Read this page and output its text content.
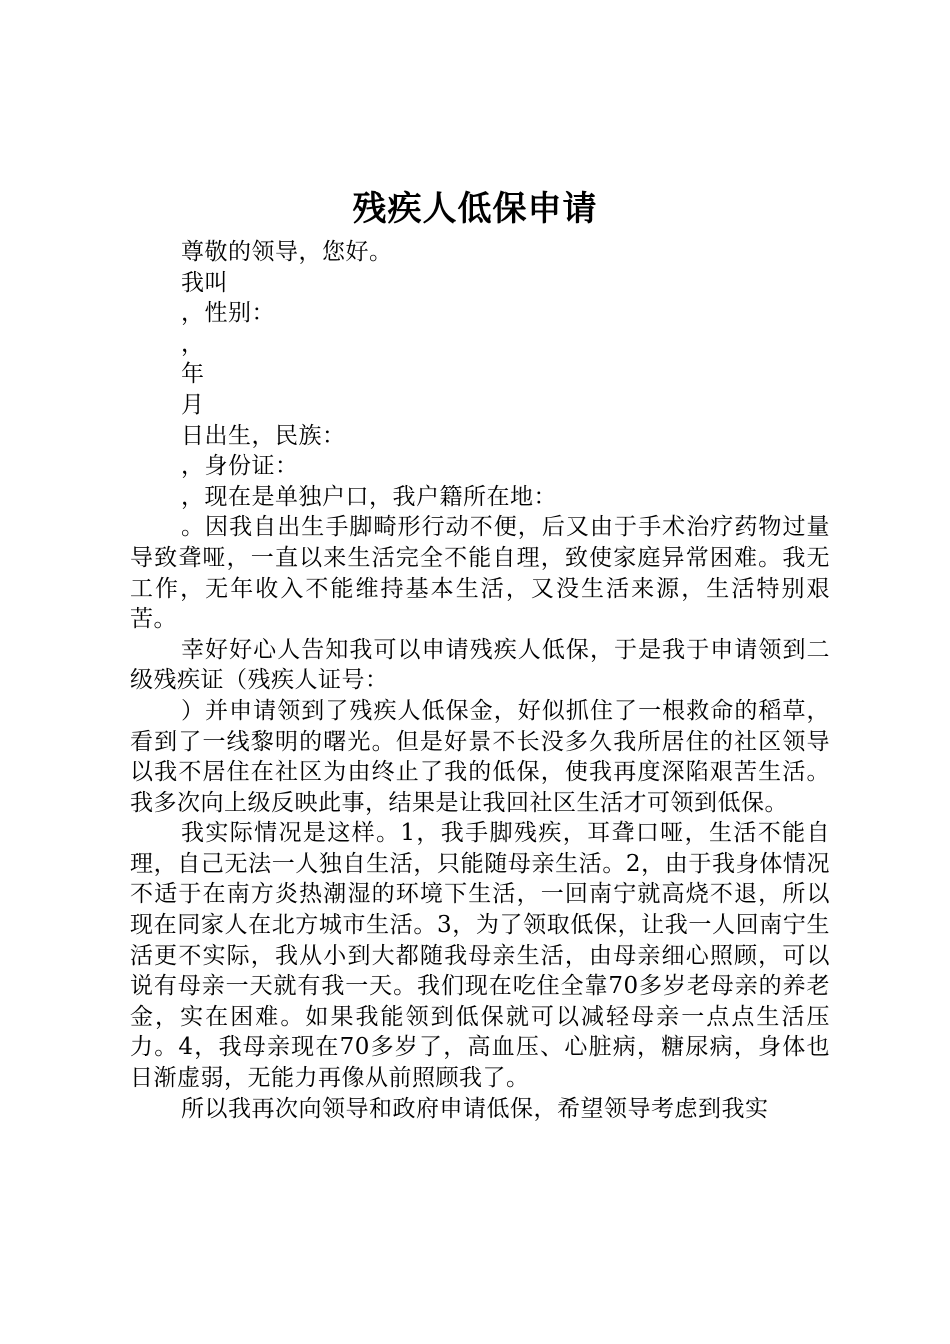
残疾人低保申请

尊敬的领导，您好。

我叫

，性别：

，

年

月

日出生，民族：

，身份证：

，现在是单独户口，我户籍所在地：

。因我自出生手脚畸形行动不便，后又由于手术治疗药物过量导致聋哑，一直以来生活完全不能自理，致使家庭异常困难。我无工作，无年收入不能维持基本生活，又没生活来源，生活特别艰苦。

幸好好心人告知我可以申请残疾人低保，于是我于申请领到二级残疾证（残疾人证号：

）并申请领到了残疾人低保金，好似抓住了一根救命的稻草，看到了一线黎明的曙光。但是好景不长没多久我所居住的社区领导以我不居住在社区为由终止了我的低保，使我再度深陷艰苦生活。我多次向上级反映此事，结果是让我回社区生活才可领到低保。

我实际情况是这样。1，我手脚残疾，耳聋口哑，生活不能自理，自己无法一人独自生活，只能随母亲生活。2，由于我身体情况不适于在南方炎热潮湿的环境下生活，一回南宁就高烧不退，所以现在同家人在北方城市生活。3，为了领取低保，让我一人回南宁生活更不实际，我从小到大都随我母亲生活，由母亲细心照顾，可以说有母亲一天就有我一天。我们现在吃住全靠70多岁老母亲的养老金，实在困难。如果我能领到低保就可以减轻母亲一点点生活压力。4，我母亲现在70多岁了，高血压、心脏病，糖尿病，身体也日渐虚弱，无能力再像从前照顾我了。

所以我再次向领导和政府申请低保，希望领导考虑到我实
